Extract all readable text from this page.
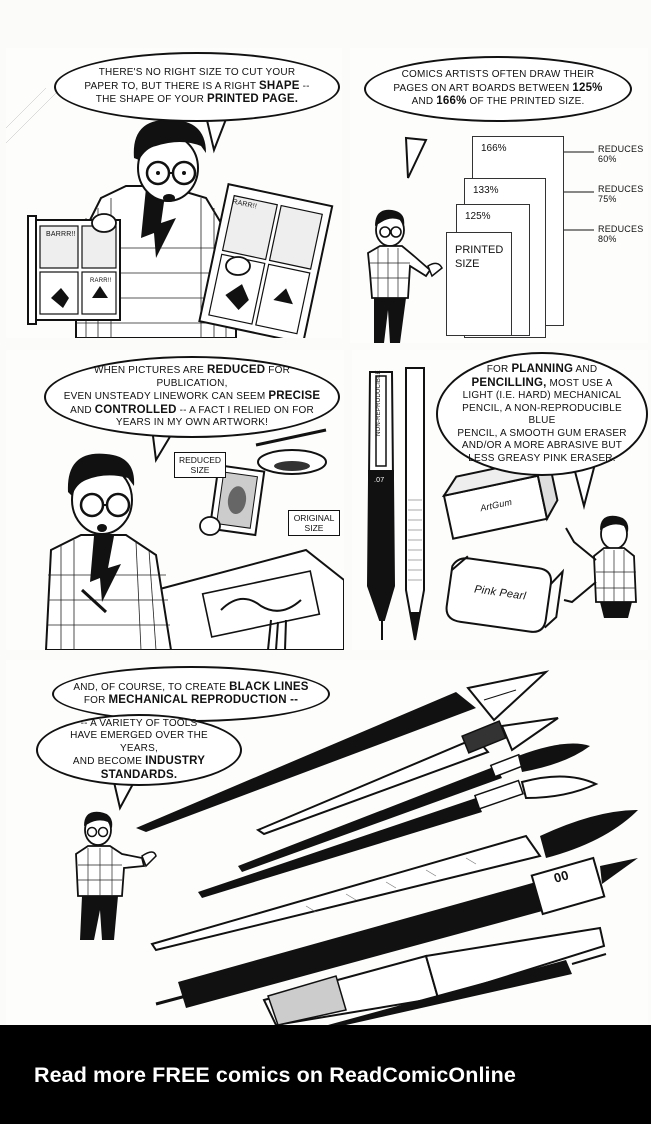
BARRR!!
RARR!!
RARR!!
THERE'S NO RIGHT SIZE TO CUT YOUR
PAPER TO, BUT THERE IS A RIGHT SHAPE --
THE SHAPE OF YOUR PRINTED PAGE.
166%
133%
125%
PRINTED SIZE
REDUCES
60%
REDUCES
75%
REDUCES
80%
COMICS ARTISTS OFTEN DRAW THEIR
PAGES ON ART BOARDS BETWEEN 125%
AND 166% OF THE PRINTED SIZE.
REDUCED SIZE
ORIGINAL SIZE
WHEN PICTURES ARE REDUCED FOR PUBLICATION,
EVEN UNSTEADY LINEWORK CAN SEEM PRECISE
AND CONTROLLED -- A FACT I RELIED ON FOR
YEARS IN MY OWN ARTWORK!	NON-REPRODUCIBLE
.07
ArtGum
Pink Pearl
FOR PLANNING AND
PENCILLING, MOST USE A
LIGHT (I.E. HARD) MECHANICAL
PENCIL, A NON-REPRODUCIBLE BLUE
PENCIL, A SMOOTH GUM ERASER
AND/OR A MORE ABRASIVE BUT
LESS GREASY PINK ERASER.
00
AND, OF COURSE, TO CREATE BLACK LINES
FOR MECHANICAL REPRODUCTION --
-- A VARIETY OF TOOLS
HAVE EMERGED OVER THE YEARS,
AND BECOME INDUSTRY STANDARDS.
Read more FREE comics on ReadComicOnline
